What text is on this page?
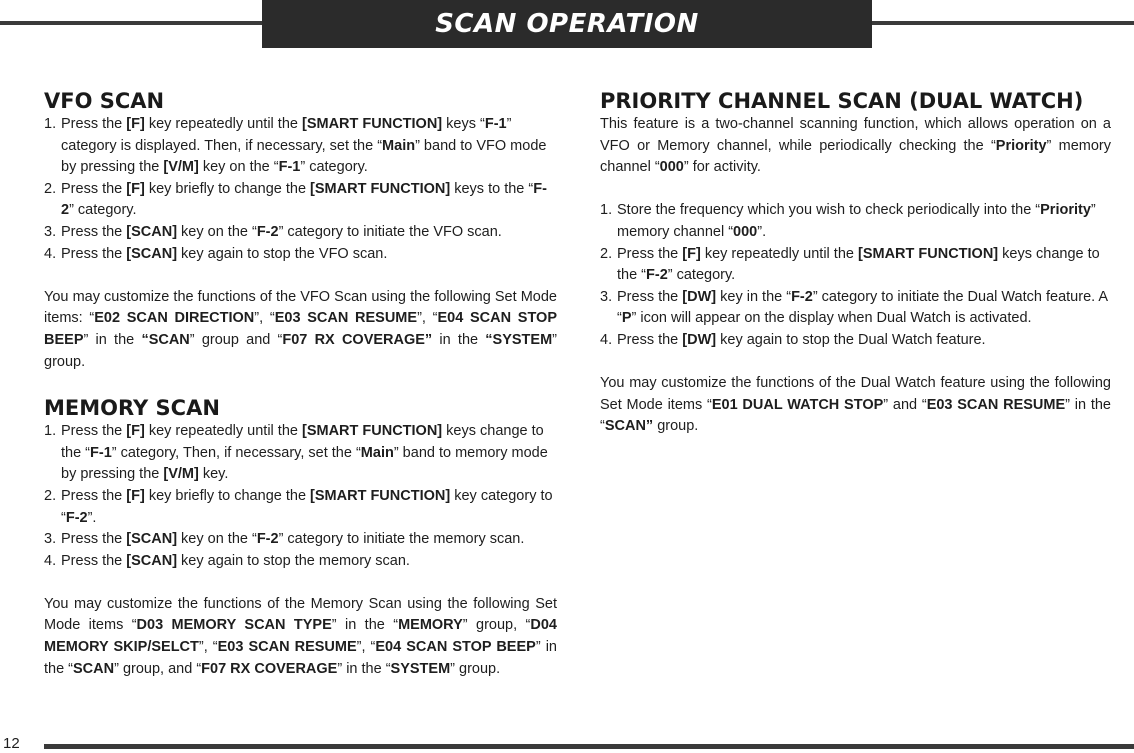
SCAN OPERATION
VFO SCAN
1. Press the [F] key repeatedly until the [SMART FUNCTION] keys “F-1” category is displayed. Then, if necessary, set the “Main” band to VFO mode by pressing the [V/M] key on the “F-1” category.
2. Press the [F] key briefly to change the [SMART FUNCTION] keys to the “F-2” category.
3. Press the [SCAN] key on the “F-2” category to initiate the VFO scan.
4. Press the [SCAN] key again to stop the VFO scan.

You may customize the functions of the VFO Scan using the following Set Mode items: “E02 SCAN DIRECTION”, “E03 SCAN RESUME”, “E04 SCAN STOP BEEP” in the “SCAN” group and “F07 RX COVERAGE” in the “SYSTEM” group.

MEMORY SCAN
1. Press the [F] key repeatedly until the [SMART FUNCTION] keys change to the “F-1” category, Then, if necessary, set the “Main” band to memory mode by pressing the [V/M] key.
2. Press the [F] key briefly to change the [SMART FUNCTION] key category to “F-2”.
3. Press the [SCAN] key on the “F-2” category to initiate the memory scan.
4. Press the [SCAN] key again to stop the memory scan.

You may customize the functions of the Memory Scan using the following Set Mode items “D03 MEMORY SCAN TYPE” in the “MEMORY” group, “D04 MEMORY SKIP/SELCT”, “E03 SCAN RESUME”, “E04 SCAN STOP BEEP” in the “SCAN” group, and “F07 RX COVERAGE” in the “SYSTEM” group.

PRIORITY CHANNEL SCAN (DUAL WATCH)

This feature is a two-channel scanning function, which allows operation on a VFO or Memory channel, while periodically checking the “Priority” memory channel “000” for activity.

1. Store the frequency which you wish to check periodically into the “Priority” memory channel “000”.
2. Press the [F] key repeatedly until the [SMART FUNCTION] keys change to the “F-2” category.
3. Press the [DW] key in the “F-2” category to initiate the Dual Watch feature. A “P” icon will appear on the display when Dual Watch is activated.
4. Press the [DW] key again to stop the Dual Watch feature.

You may customize the functions of the Dual Watch feature using the following Set Mode items “E01 DUAL WATCH STOP” and “E03 SCAN RESUME” in the “SCAN” group.

12
